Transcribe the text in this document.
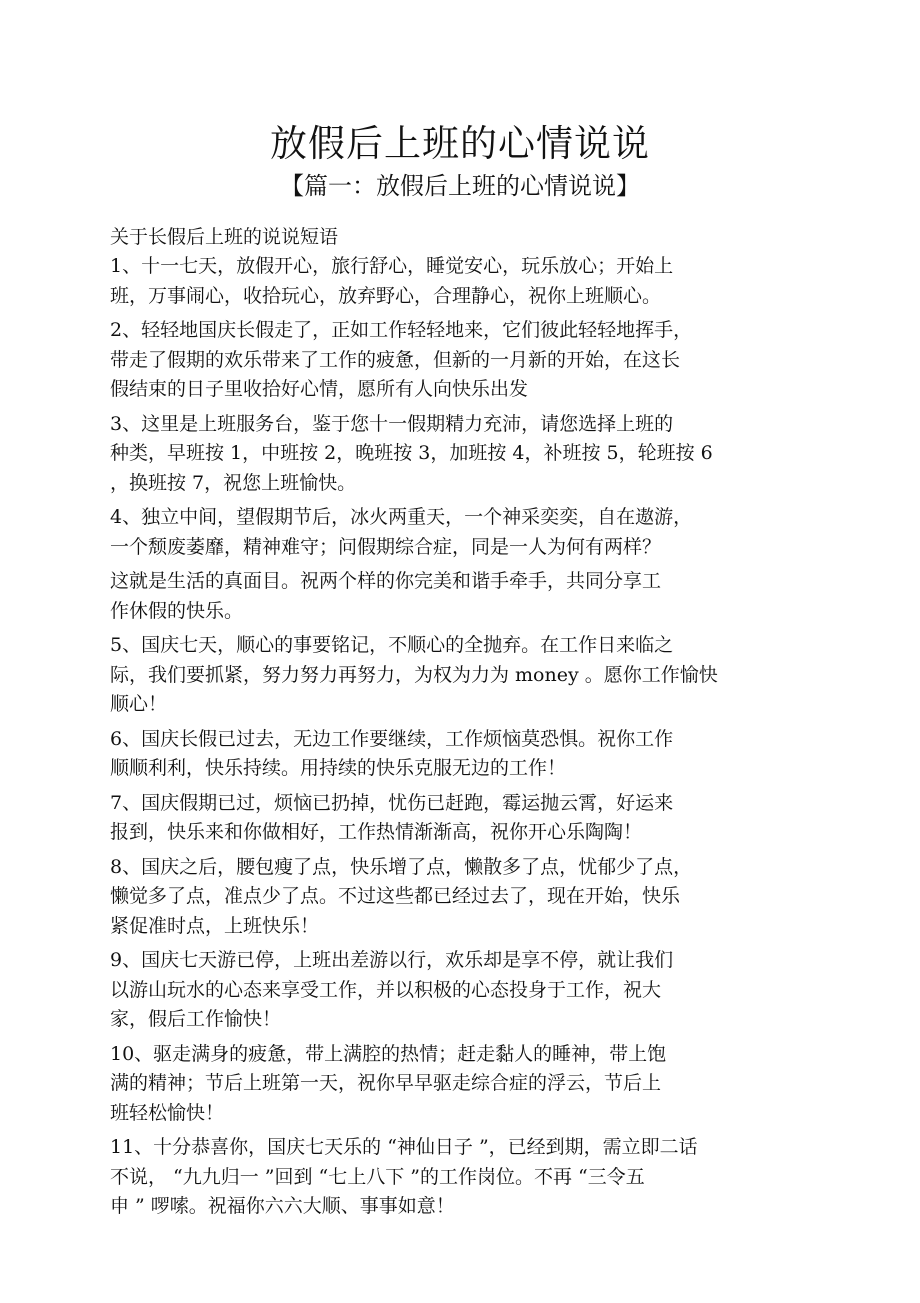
放假后上班的心情说说
【篇一：放假后上班的心情说说】

关于长假后上班的说说短语

1、十一七天，放假开心，旅行舒心，睡觉安心，玩乐放心；开始上
班，万事闹心，收拾玩心，放弃野心，合理静心，祝你上班顺心。
2、轻轻地国庆长假走了，正如工作轻轻地来，它们彼此轻轻地挥手，
带走了假期的欢乐带来了工作的疲惫，但新的一月新的开始，在这长
假结束的日子里收拾好心情，愿所有人向快乐出发
3、这里是上班服务台，鉴于您十一假期精力充沛，请您选择上班的
种类，早班按 1，中班按 2，晚班按 3，加班按 4，补班按 5，轮班按 6
，换班按 7，祝您上班愉快。
4、独立中间，望假期节后，冰火两重天，一个神采奕奕，自在遨游，
一个颓废萎靡，精神难守；问假期综合症，同是一人为何有两样？
这就是生活的真面目。祝两个样的你完美和谐手牵手，共同分享工
作休假的快乐。
5、国庆七天，顺心的事要铭记，不顺心的全抛弃。在工作日来临之
际，我们要抓紧，努力努力再努力，为权为力为 money 。愿你工作愉快
顺心！
6、国庆长假已过去，无边工作要继续，工作烦恼莫恐惧。祝你工作
顺顺利利，快乐持续。用持续的快乐克服无边的工作！
7、国庆假期已过，烦恼已扔掉，忧伤已赶跑，霉运抛云霄，好运来
报到，快乐来和你做相好，工作热情渐渐高，祝你开心乐陶陶！
8、国庆之后，腰包瘦了点，快乐增了点，懒散多了点，忧郁少了点，
懒觉多了点，准点少了点。不过这些都已经过去了，现在开始，快乐
紧促准时点，上班快乐！
9、国庆七天游已停，上班出差游以行，欢乐却是享不停，就让我们
以游山玩水的心态来享受工作，并以积极的心态投身于工作，祝大
家，假后工作愉快！
10、驱走满身的疲惫，带上满腔的热情；赶走黏人的睡神，带上饱
满的精神；节后上班第一天，祝你早早驱走综合症的浮云，节后上
班轻松愉快！
11、十分恭喜你，国庆七天乐的 “神仙日子 ”，已经到期，需立即二话
不说， “九九归一 ”回到 “七上八下 ”的工作岗位。不再 “三令五
申 ” 啰嗦。祝福你六六大顺、事事如意！
